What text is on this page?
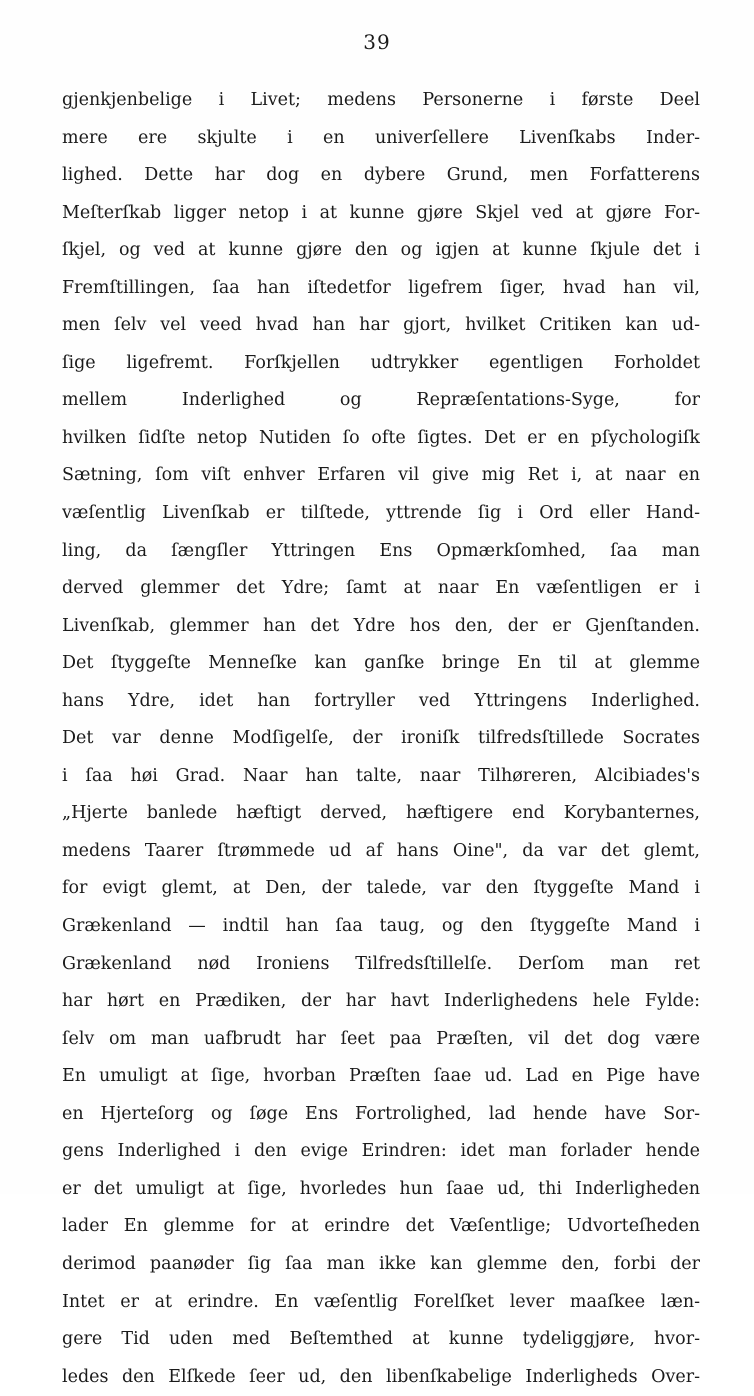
39
gjenkjenbelige i Livet; medens Personerne i første Deel
mere ere skjulte i en univerſellere Livenſkabs Inder-
lighed. Dette har dog en dybere Grund, men Forfatterens
Meſterſkab ligger netop i at kunne gjøre Skjel ved at gjøre For-
ſkjel, og ved at kunne gjøre den og igjen at kunne ſkjule det i
Fremſtillingen, ſaa han iſtedetfor ligefrem ſiger, hvad han vil,
men ſelv vel veed hvad han har gjort, hvilket Critiken kan ud-
ſige ligefremt. Forſkjellen udtrykker egentligen Forholdet
mellem Inderlighed og Repræſentations-Syge, for
hvilken ſidſte netop Nutiden ſo ofte ſigtes. Det er en pſychologiſk
Sætning, ſom viſt enhver Erfaren vil give mig Ret i, at naar en
væſentlig Livenſkab er tilſtede, yttrende ſig i Ord eller Hand-
ling, da ſængſler Yttringen Ens Opmærkſomhed, ſaa man
derved glemmer det Ydre; ſamt at naar En væſentligen er i
Livenſkab, glemmer han det Ydre hos den, der er Gjenſtanden.
Det ſtyggeſte Menneſke kan ganſke bringe En til at glemme
hans Ydre, idet han fortryller ved Yttringens Inderlighed.
Det var denne Modſigelſe, der ironiſk tilfredsſtillede Socrates
i ſaa høi Grad. Naar han talte, naar Tilhøreren, Alcibiades's
„Hjerte banlede hæftigt derved, hæftigere end Korybanternes,
medens Taarer ſtrømmede ud af hans Oine", da var det glemt,
for evigt glemt, at Den, der talede, var den ſtyggeſte Mand i
Grækenland — indtil han ſaa taug, og den ſtyggeſte Mand i
Grækenland nød Ironiens Tilfredsſtillelſe. Derſom man ret
har hørt en Prædiken, der har havt Inderlighedens hele Fylde:
ſelv om man uafbrudt har ſeet paa Præſten, vil det dog være
En umuligt at ſige, hvorban Præſten ſaae ud. Lad en Pige have
en Hjerteſorg og ſøge Ens Fortrolighed, lad hende have Sor-
gens Inderlighed i den evige Erindren: idet man forlader hende
er det umuligt at ſige, hvorledes hun ſaae ud, thi Inderligheden
lader En glemme for at erindre det Væſentlige; Udvorteſheden
derimod paanøder ſig ſaa man ikke kan glemme den, forbi der
Intet er at erindre. En væſentlig Forelſket lever maaſkee læn-
gere Tid uden med Beſtemthed at kunne tydeliggjøre, hvor-
ledes den Elſkede ſeer ud, den libenſkabelige Inderligheds Over-
